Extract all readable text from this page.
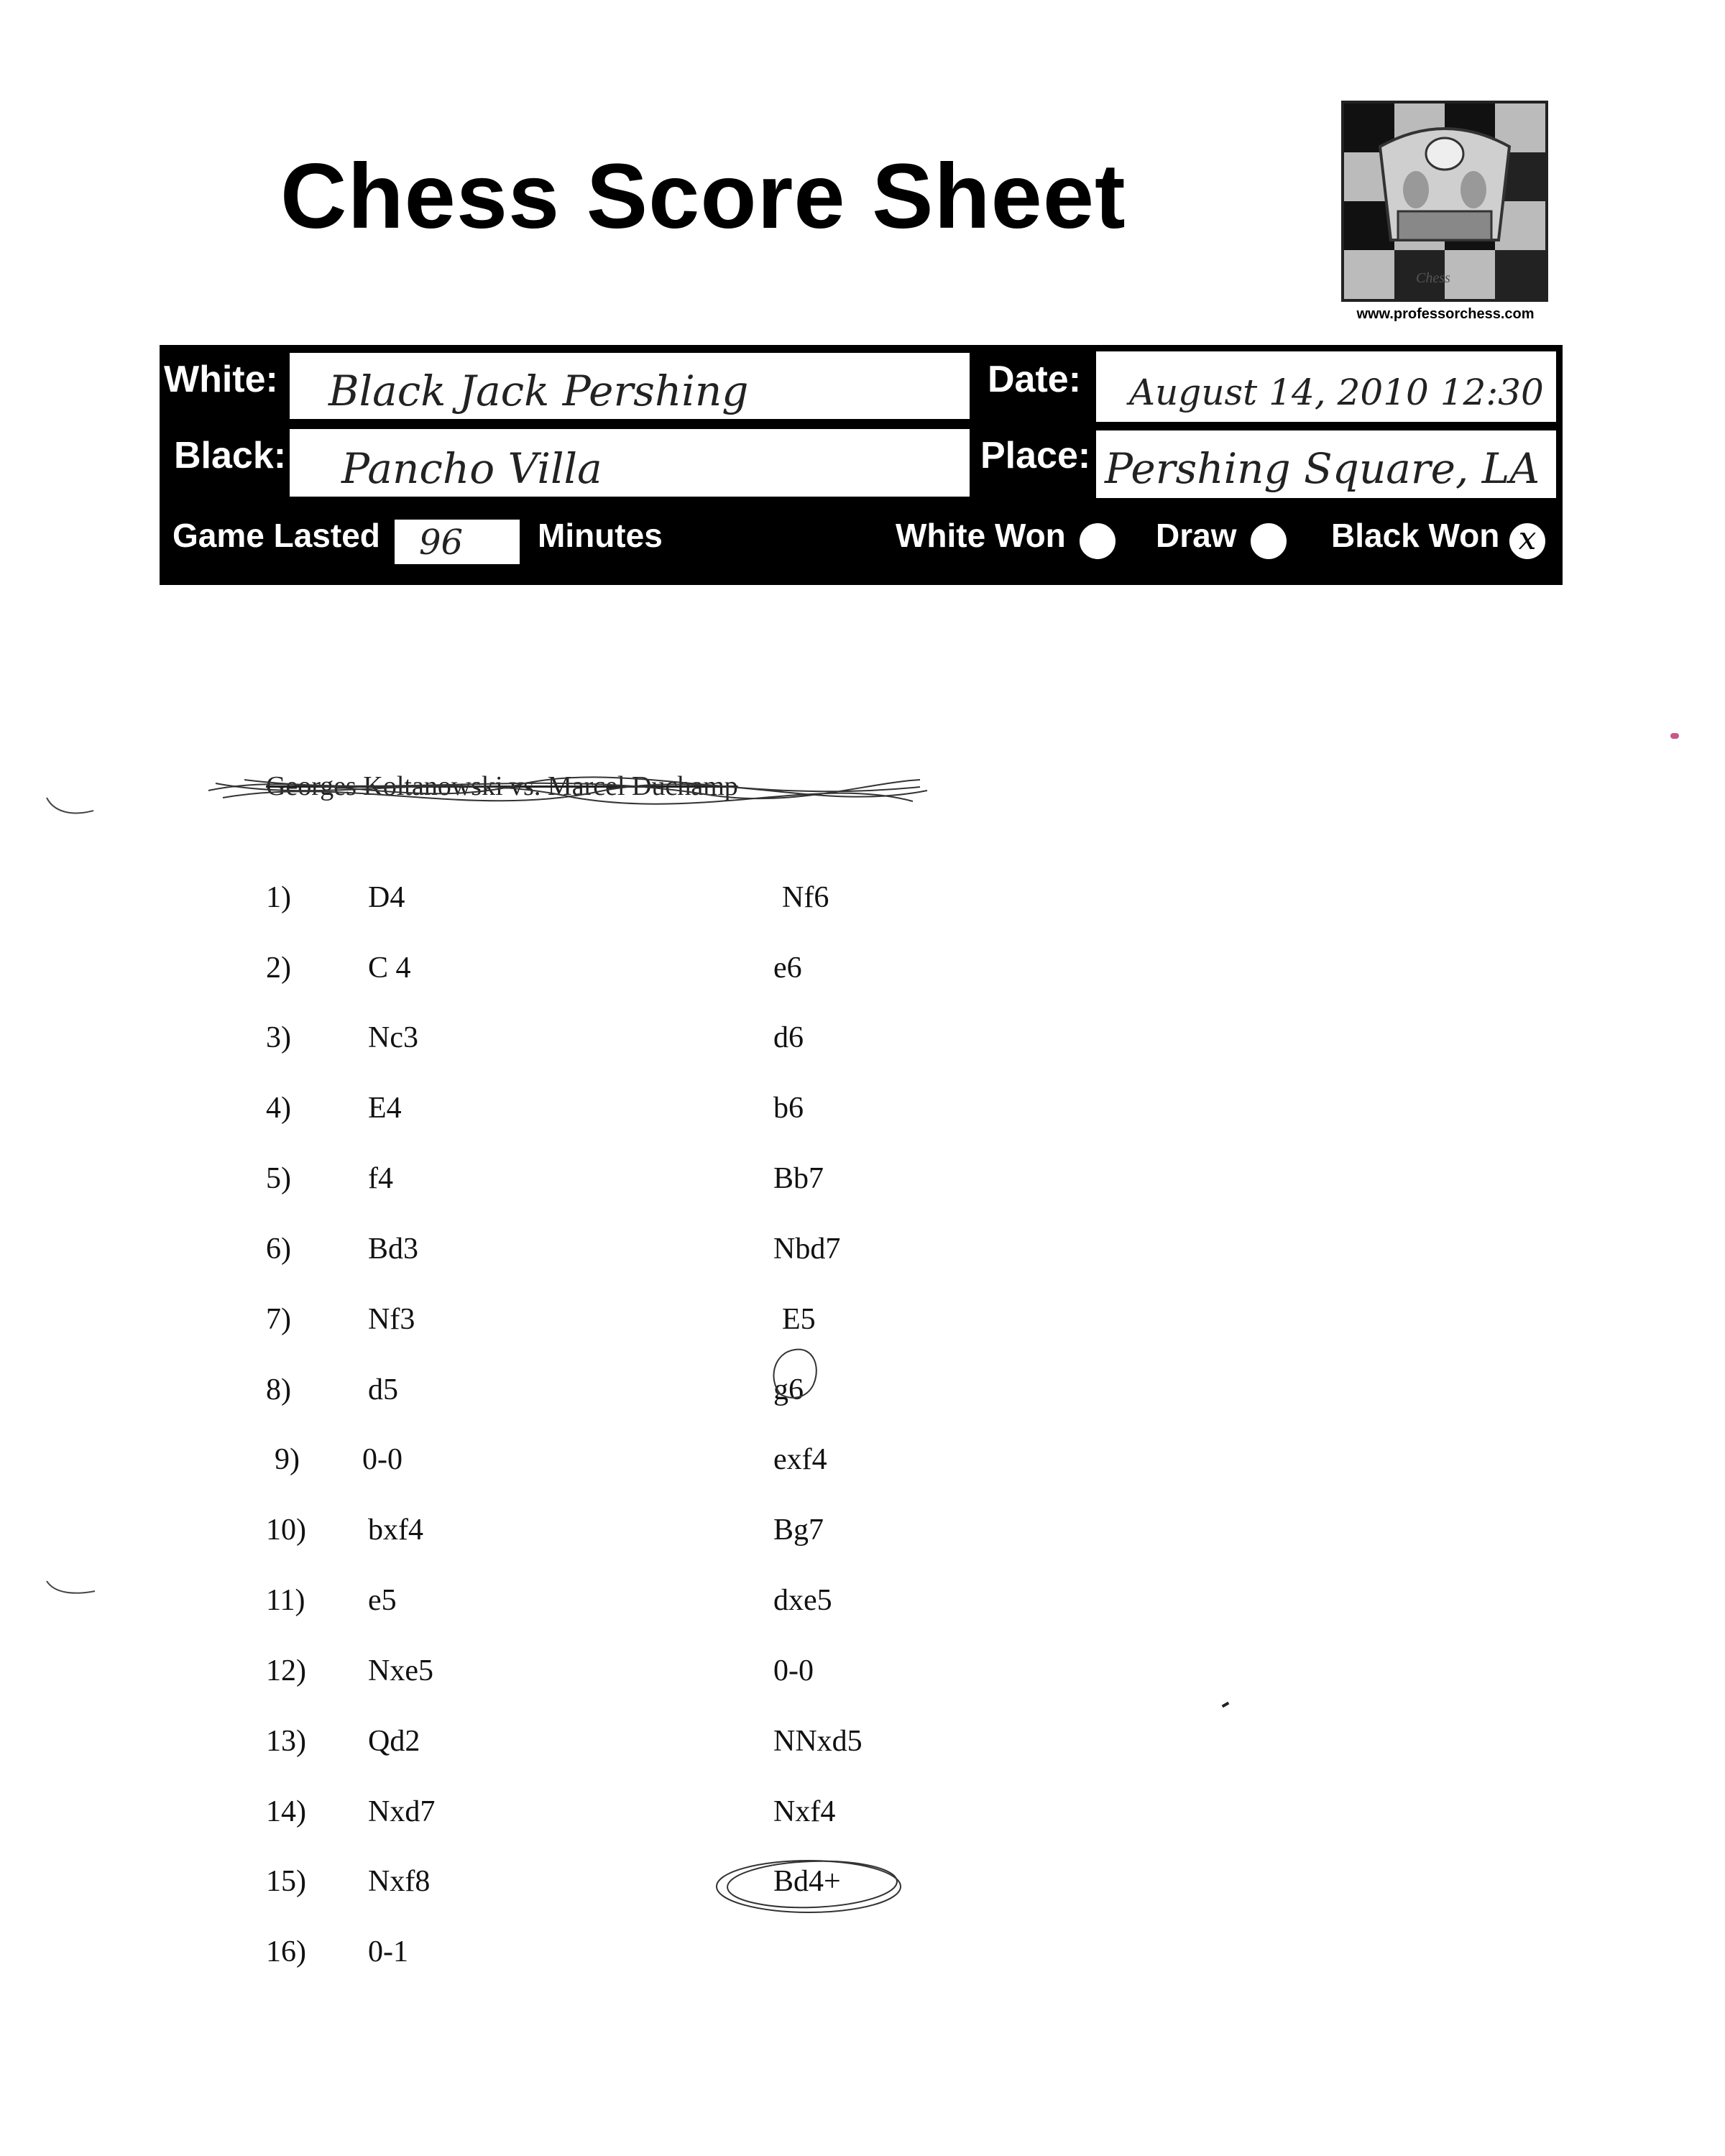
Chess Score Sheet
Chess
www.professorchess.com
White: Black Jack Pershing
Black: Pancho Villa
Date: August 14, 2010 12:30
Place: Pershing Square, LA
Game Lasted 96 Minutes	White Won	Draw	Black Won x
Georges Koltanowski vs. Marcel Duchamp
1)	D4	Nf6
2)	C 4	e6
3)	Nc3	d6
4)	E4	b6
5)	f4	Bb7
6)	Bd3	Nbd7
7)	Nf3	E5
8)	d5	g6
9) 0-0	exf4
10) bxf4	Bg7
11) e5	dxe5
12) Nxe5	0-0
13) Qd2	NNxd5
14) Nxd7	Nxf4
15) Nxf8	Bd4+
16) 0-1
